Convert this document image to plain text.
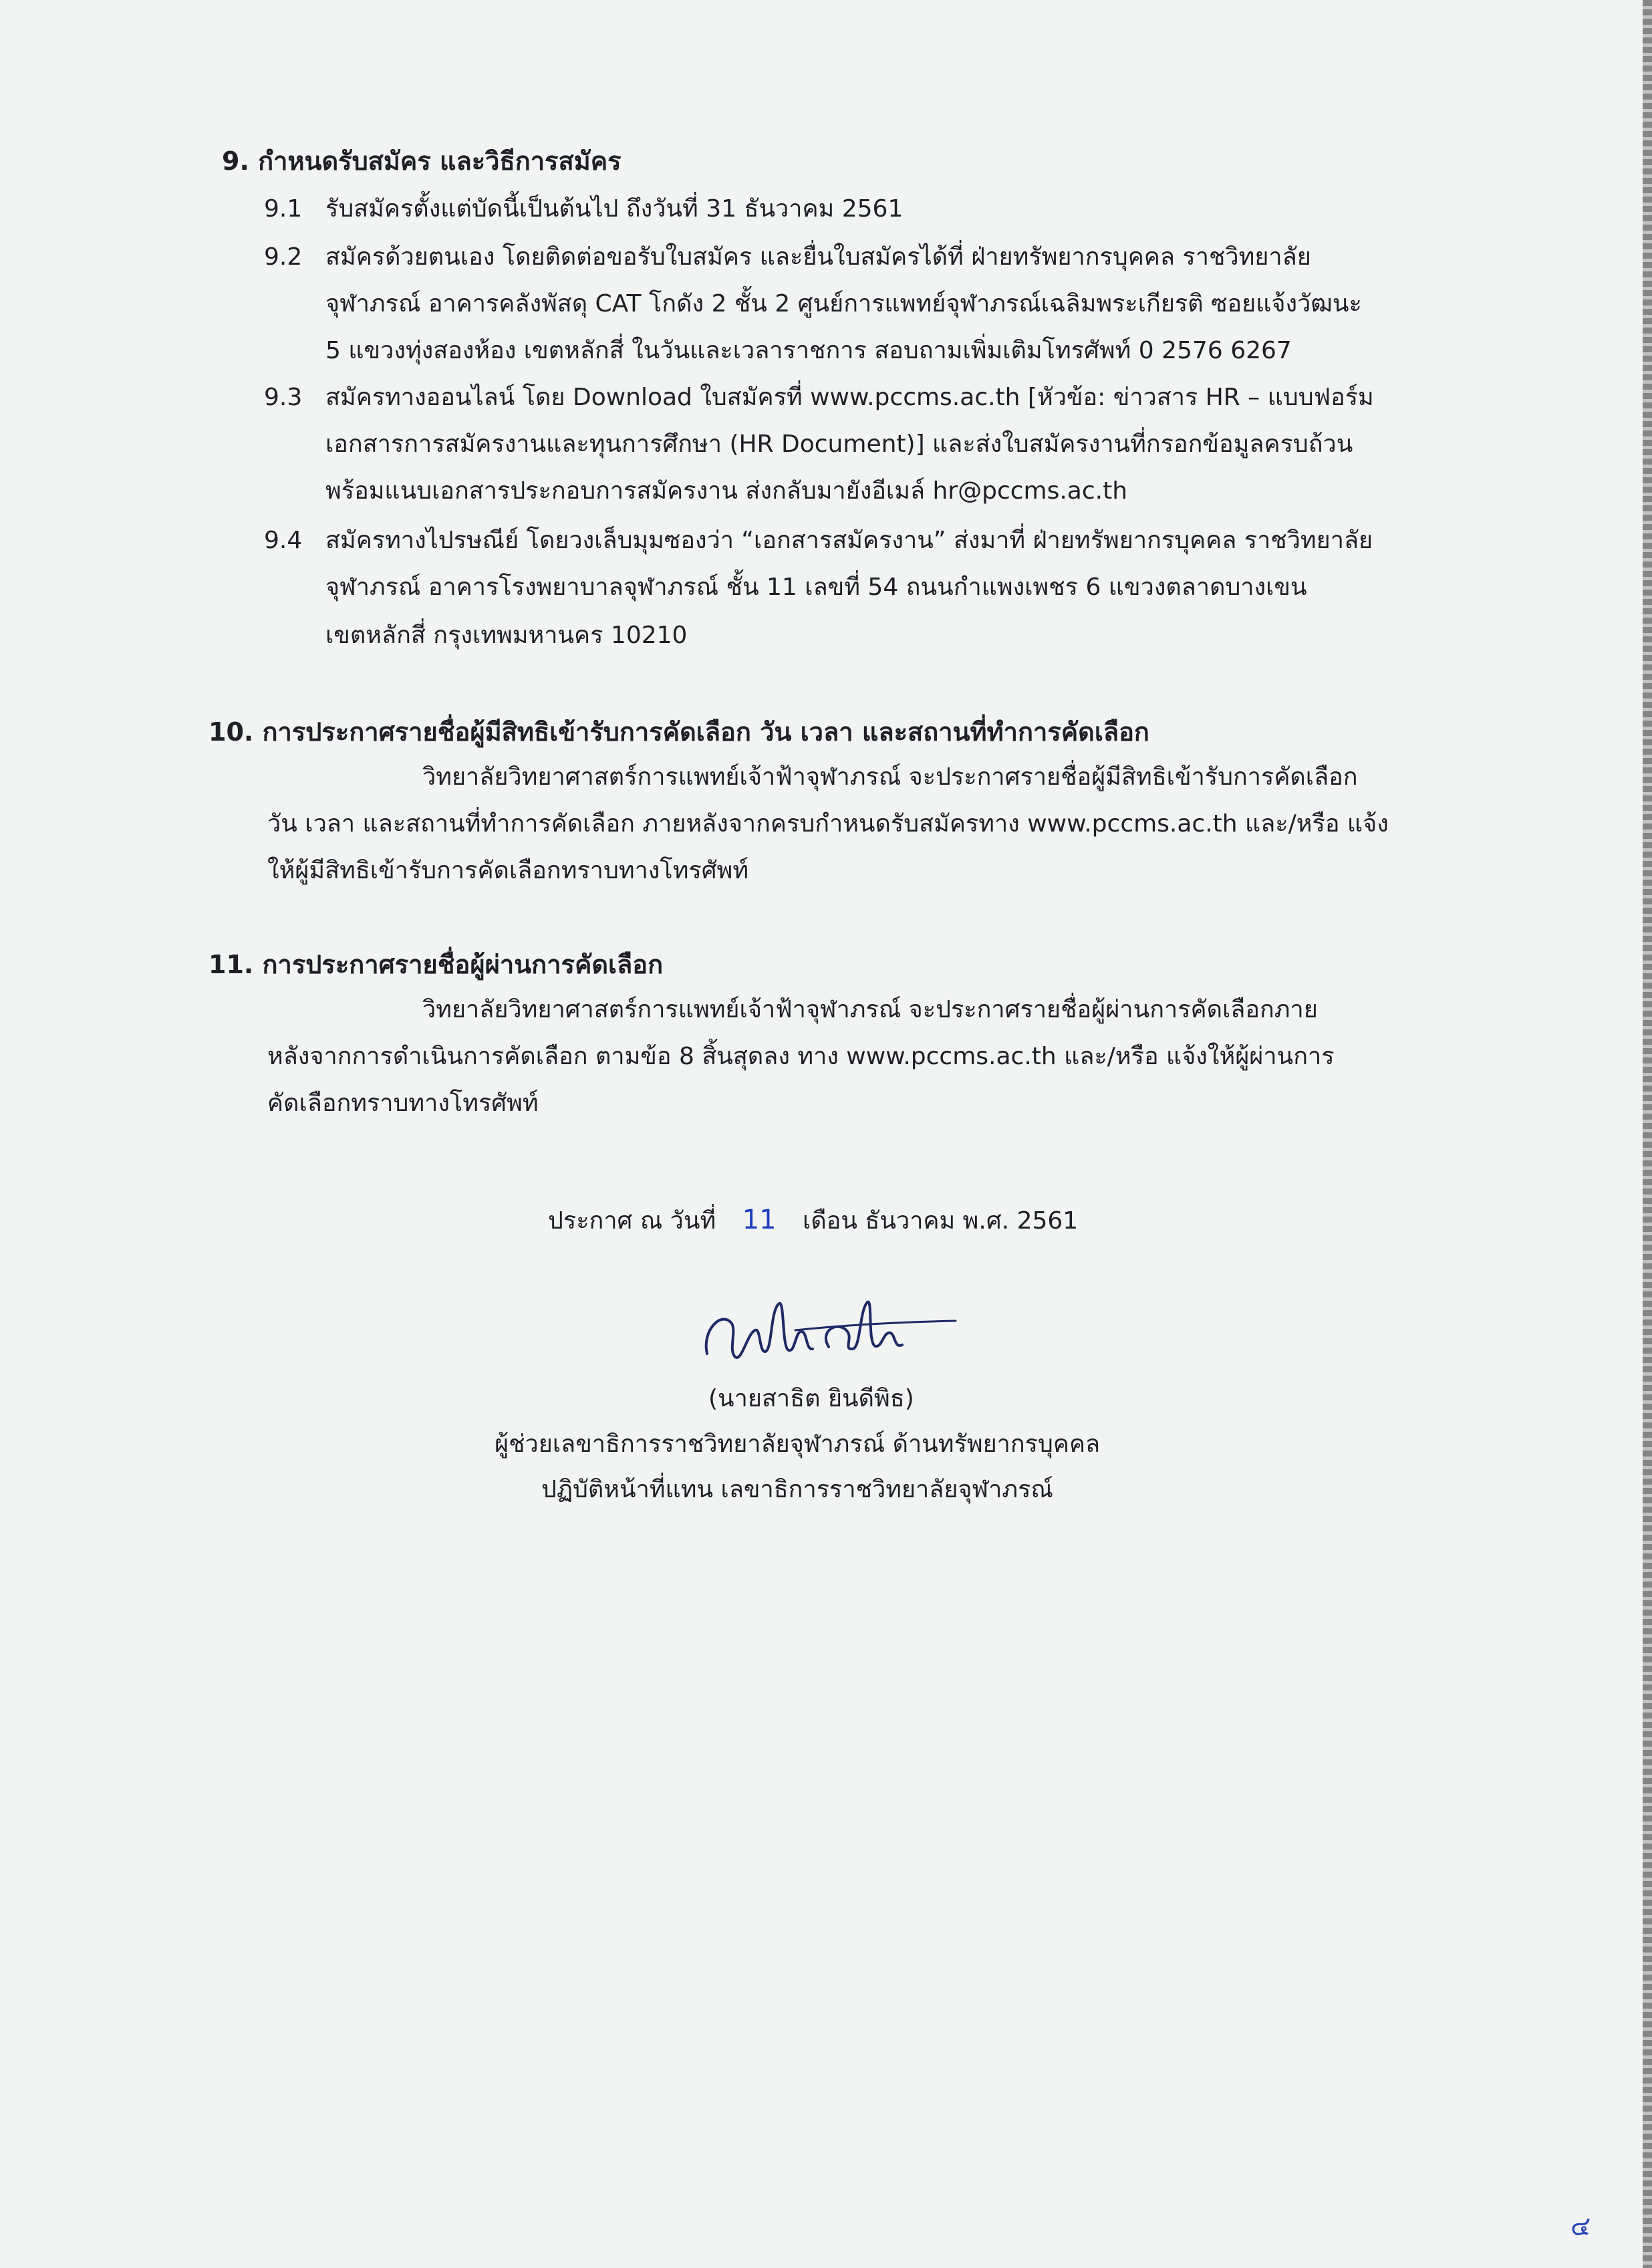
9. กำหนดรับสมัคร และวิธีการสมัคร
9.1 รับสมัครตั้งแต่บัดนี้เป็นต้นไป ถึงวันที่ 31 ธันวาคม 2561
9.2 สมัครด้วยตนเอง โดยติดต่อขอรับใบสมัคร และยื่นใบสมัครได้ที่ ฝ่ายทรัพยากรบุคคล ราชวิทยาลัย
จุฬาภรณ์ อาคารคลังพัสดุ CAT โกดัง 2 ชั้น 2 ศูนย์การแพทย์จุฬาภรณ์เฉลิมพระเกียรติ ซอยแจ้งวัฒนะ
5 แขวงทุ่งสองห้อง เขตหลักสี่ ในวันและเวลาราชการ สอบถามเพิ่มเติมโทรศัพท์ 0 2576 6267
9.3 สมัครทางออนไลน์ โดย Download ใบสมัครที่ www.pccms.ac.th [หัวข้อ: ข่าวสาร HR – แบบฟอร์ม
เอกสารการสมัครงานและทุนการศึกษา (HR Document)] และส่งใบสมัครงานที่กรอกข้อมูลครบถ้วน
พร้อมแนบเอกสารประกอบการสมัครงาน ส่งกลับมายังอีเมล์ hr@pccms.ac.th
9.4 สมัครทางไปรษณีย์ โดยวงเล็บมุมซองว่า “เอกสารสมัครงาน” ส่งมาที่ ฝ่ายทรัพยากรบุคคล ราชวิทยาลัย
จุฬาภรณ์ อาคารโรงพยาบาลจุฬาภรณ์ ชั้น 11 เลขที่ 54 ถนนกำแพงเพชร 6 แขวงตลาดบางเขน
เขตหลักสี่ กรุงเทพมหานคร 10210
10. การประกาศรายชื่อผู้มีสิทธิเข้ารับการคัดเลือก วัน เวลา และสถานที่ทำการคัดเลือก
วิทยาลัยวิทยาศาสตร์การแพทย์เจ้าฟ้าจุฬาภรณ์ จะประกาศรายชื่อผู้มีสิทธิเข้ารับการคัดเลือก
วัน เวลา และสถานที่ทำการคัดเลือก ภายหลังจากครบกำหนดรับสมัครทาง www.pccms.ac.th และ/หรือ แจ้ง
ให้ผู้มีสิทธิเข้ารับการคัดเลือกทราบทางโทรศัพท์
11. การประกาศรายชื่อผู้ผ่านการคัดเลือก
วิทยาลัยวิทยาศาสตร์การแพทย์เจ้าฟ้าจุฬาภรณ์ จะประกาศรายชื่อผู้ผ่านการคัดเลือกภาย
หลังจากการดำเนินการคัดเลือก ตามข้อ 8 สิ้นสุดลง ทาง www.pccms.ac.th และ/หรือ แจ้งให้ผู้ผ่านการ
คัดเลือกทราบทางโทรศัพท์
ประกาศ ณ วันที่ 11 เดือน ธันวาคม พ.ศ. 2561
(นายสาธิต ยินดีพิธ)
ผู้ช่วยเลขาธิการราชวิทยาลัยจุฬาภรณ์ ด้านทรัพยากรบุคคล
ปฏิบัติหน้าที่แทน เลขาธิการราชวิทยาลัยจุฬาภรณ์
๔
